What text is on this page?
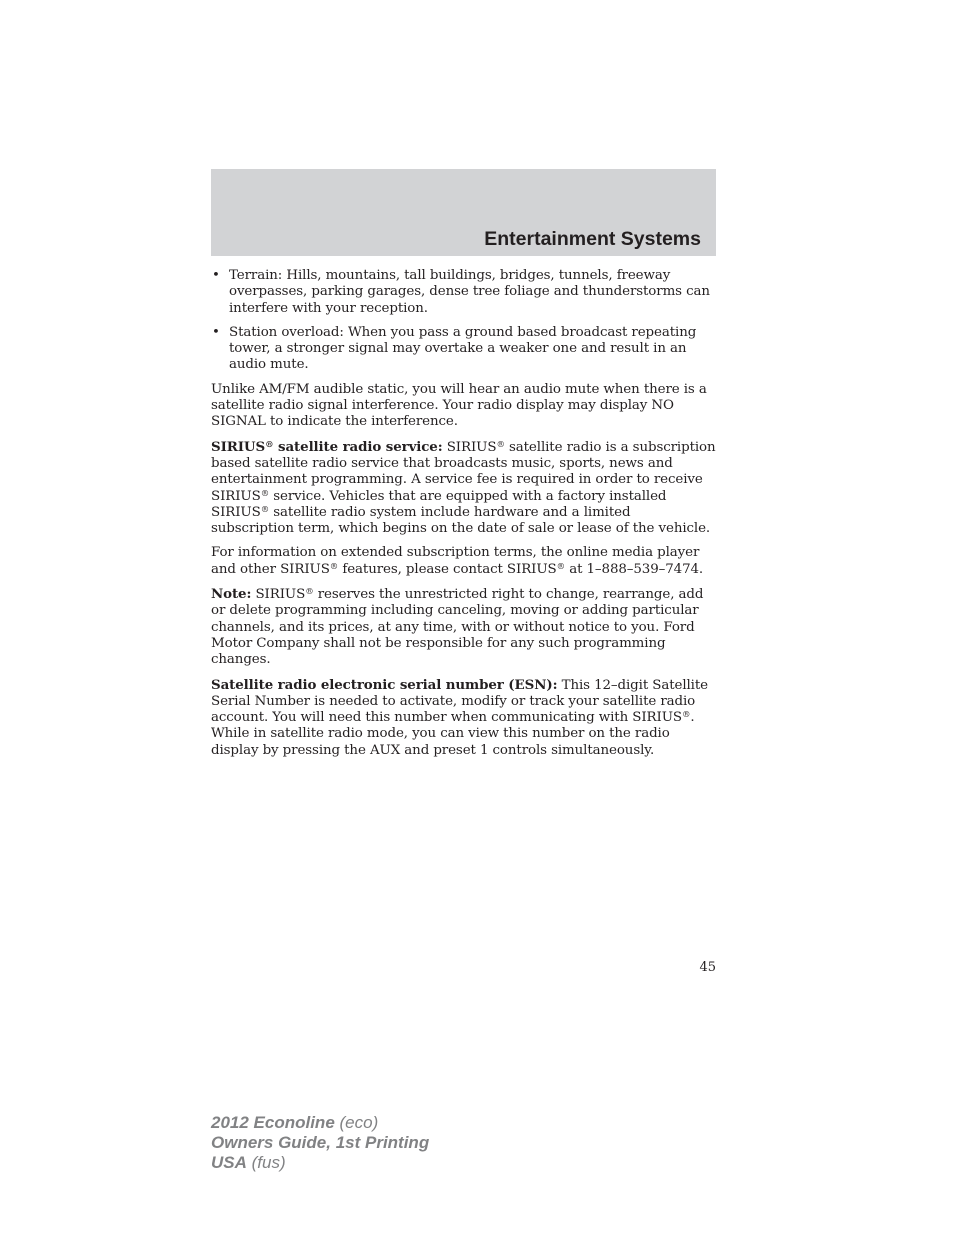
Entertainment Systems
• Terrain: Hills, mountains, tall buildings, bridges, tunnels, freeway overpasses, parking garages, dense tree foliage and thunderstorms can interfere with your reception.
• Station overload: When you pass a ground based broadcast repeating tower, a stronger signal may overtake a weaker one and result in an audio mute.

Unlike AM/FM audible static, you will hear an audio mute when there is a satellite radio signal interference. Your radio display may display NO SIGNAL to indicate the interference.

SIRIUS® satellite radio service: SIRIUS® satellite radio is a subscription based satellite radio service that broadcasts music, sports, news and entertainment programming. A service fee is required in order to receive SIRIUS® service. Vehicles that are equipped with a factory installed SIRIUS® satellite radio system include hardware and a limited subscription term, which begins on the date of sale or lease of the vehicle.

For information on extended subscription terms, the online media player and other SIRIUS® features, please contact SIRIUS® at 1–888–539–7474.

Note: SIRIUS® reserves the unrestricted right to change, rearrange, add or delete programming including canceling, moving or adding particular channels, and its prices, at any time, with or without notice to you. Ford Motor Company shall not be responsible for any such programming changes.

Satellite radio electronic serial number (ESN): This 12–digit Satellite Serial Number is needed to activate, modify or track your satellite radio account. You will need this number when communicating with SIRIUS®. While in satellite radio mode, you can view this number on the radio display by pressing the AUX and preset 1 controls simultaneously.

45
2012 Econoline (eco)
Owners Guide, 1st Printing
USA (fus)
